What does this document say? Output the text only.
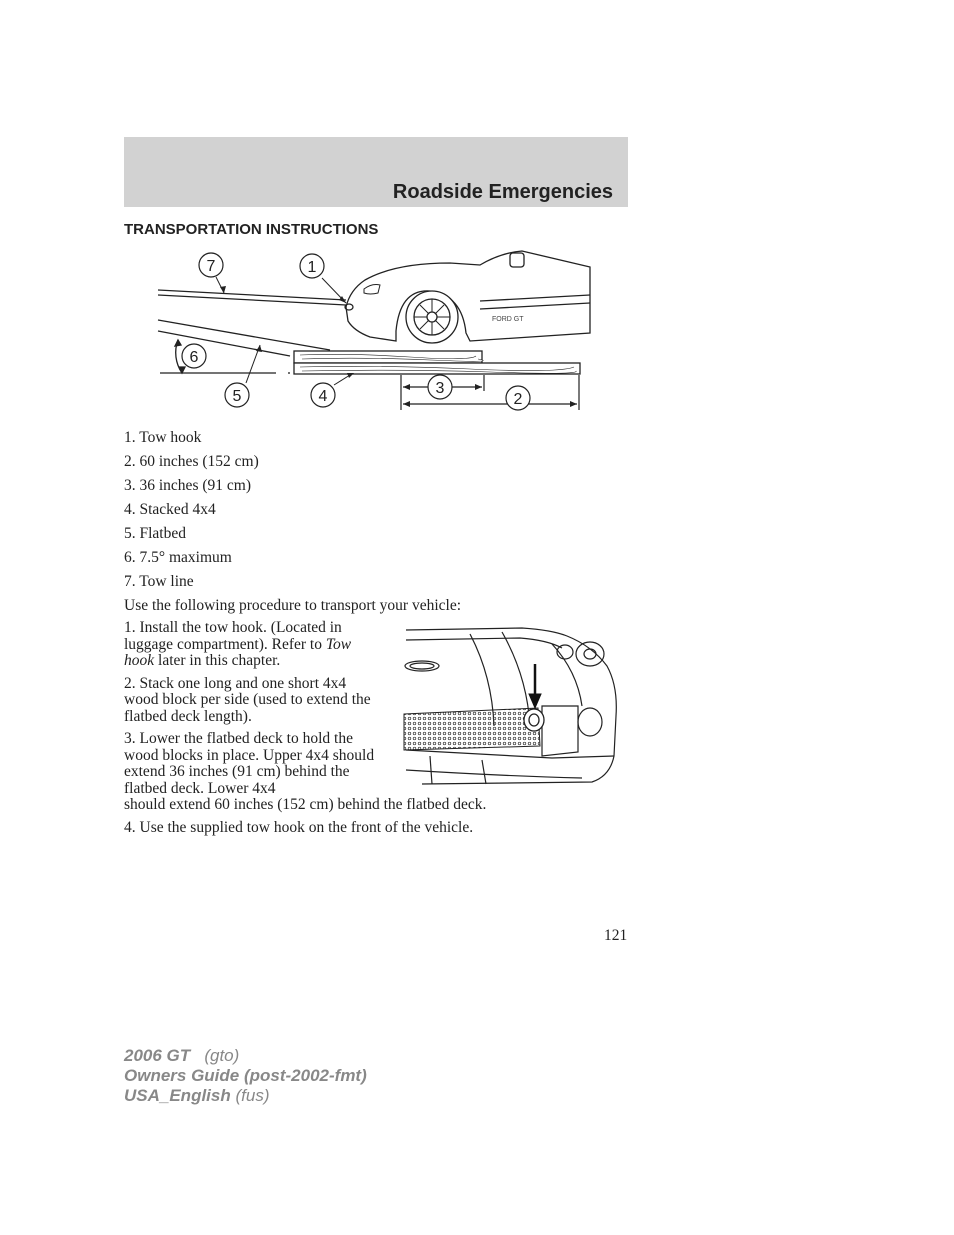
Roadside Emergencies
TRANSPORTATION INSTRUCTIONS
FORD GT
7	1
6
5	4	3
2
1. Tow hook
2. 60 inches (152 cm)
3. 36 inches (91 cm)
4. Stacked 4x4
5. Flatbed
6. 7.5° maximum
7. Tow line
Use the following procedure to transport your vehicle:
1. Install the tow hook. (Located in luggage compartment). Refer to Tow hook later in this chapter.
2. Stack one long and one short 4x4 wood block per side (used to extend the flatbed deck length).
3. Lower the flatbed deck to hold the wood blocks in place. Upper 4x4 should extend 36 inches (91 cm) behind the flatbed deck. Lower 4x4
should extend 60 inches (152 cm) behind the flatbed deck.
4. Use the supplied tow hook on the front of the vehicle.
121
2006 GT (gto)
Owners Guide (post-2002-fmt)
USA_English (fus)
